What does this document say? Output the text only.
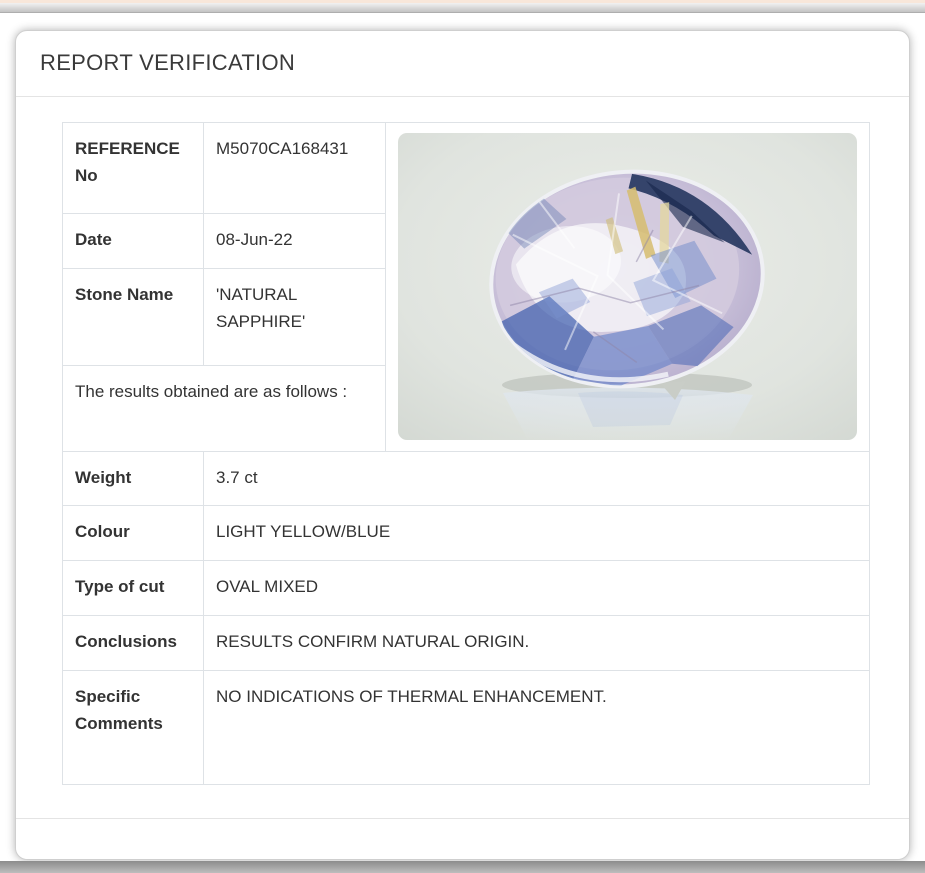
REPORT VERIFICATION
REFERENCE No	M5070CA168431	

Date	08-Jun-22	
Stone Name	'NATURAL SAPPHIRE'	
The results obtained are as follows :		
Weight	3.7 ct	
Colour	LIGHT YELLOW/BLUE	
Type of cut	OVAL MIXED	
Conclusions	RESULTS CONFIRM NATURAL ORIGIN.	
Specific Comments	NO INDICATIONS OF THERMAL ENHANCEMENT.	
